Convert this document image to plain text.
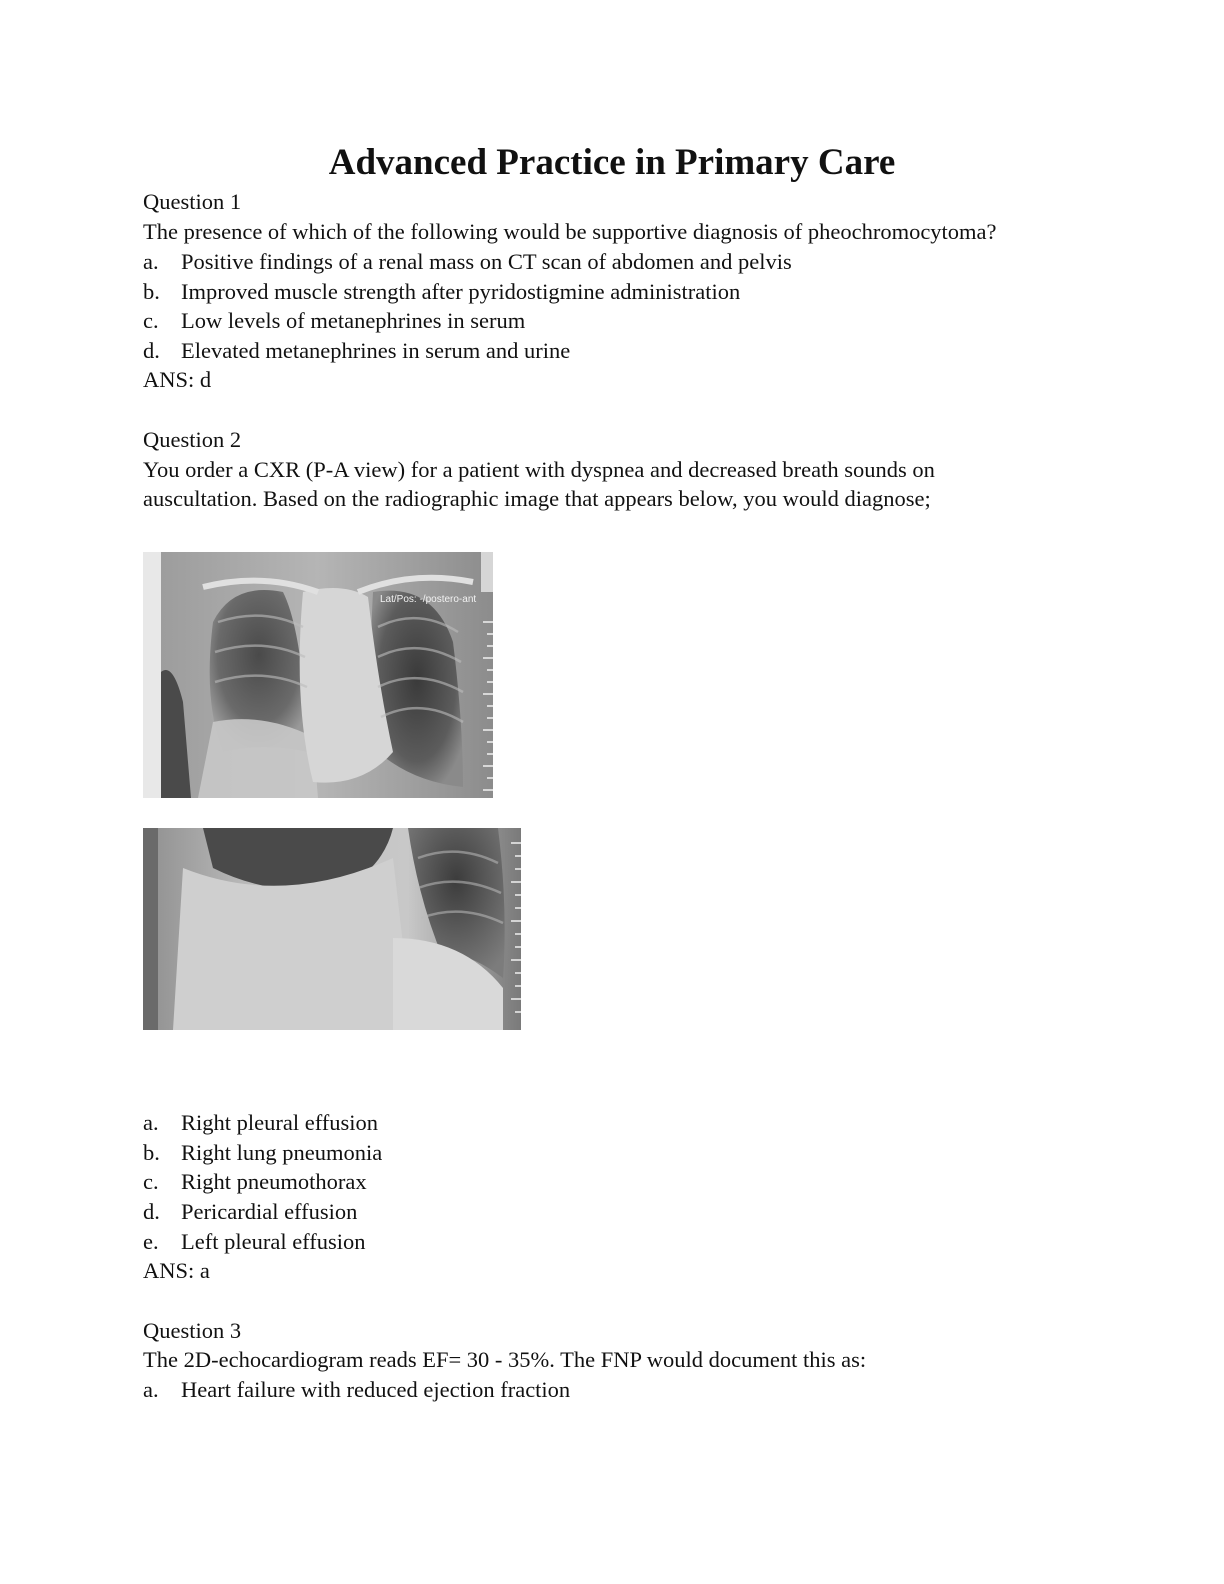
Advanced Practice in Primary Care
Question 1
The presence of which of the following would be supportive diagnosis of pheochromocytoma?
a. Positive findings of a renal mass on CT scan of abdomen and pelvis
b. Improved muscle strength after pyridostigmine administration
c. Low levels of metanephrines in serum
d. Elevated metanephrines in serum and urine
ANS: d
Question 2
You order a CXR (P-A view) for a patient with dyspnea and decreased breath sounds on
auscultation. Based on the radiographic image that appears below, you would diagnose;
Lat/Pos: -/postero-ant
a. Right pleural effusion
b. Right lung pneumonia
c. Right pneumothorax
d. Pericardial effusion
e. Left pleural effusion
ANS: a
Question 3
The 2D-echocardiogram reads EF= 30 - 35%. The FNP would document this as:
a. Heart failure with reduced ejection fraction
